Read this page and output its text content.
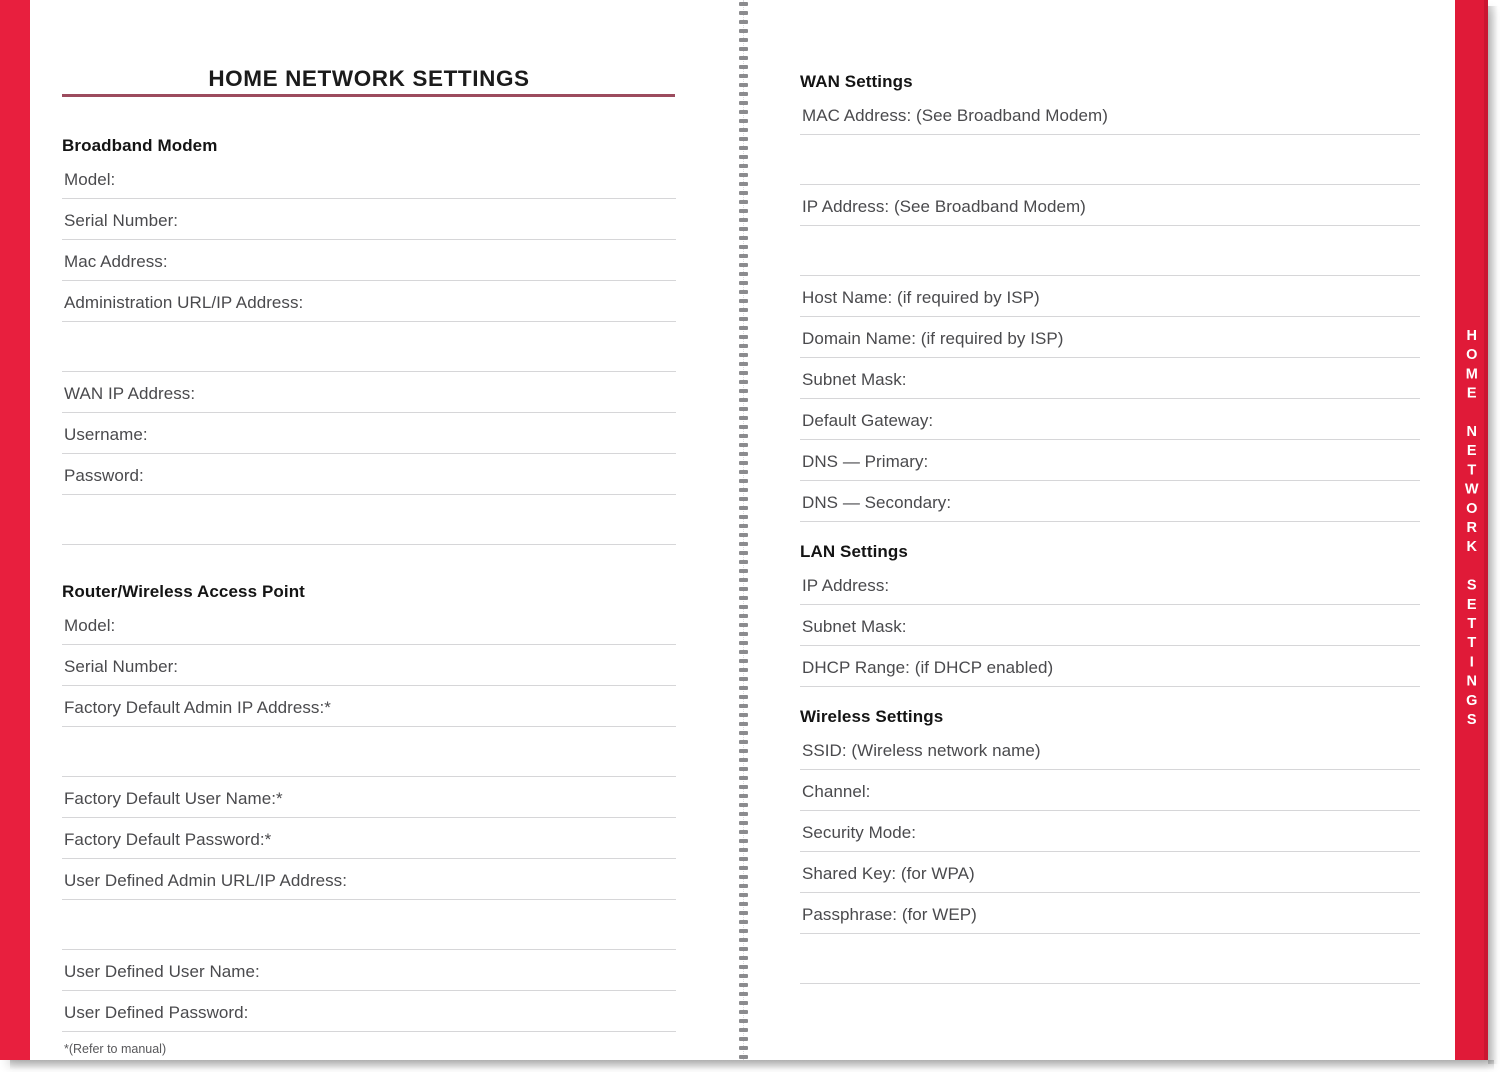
HOME NETWORK SETTINGS
HOME NETWORK SETTINGS
Broadband Modem
Model:
Serial Number:
Mac Address:
Administration URL/IP Address:
WAN IP Address:
Username:
Password:
Router/Wireless Access Point
Model:
Serial Number:
Factory Default Admin IP Address:*
Factory Default User Name:*
Factory Default Password:*
User Defined Admin URL/IP Address:
User Defined User Name:
User Defined Password:
*(Refer to manual)
WAN Settings
MAC Address: (See Broadband Modem)
IP Address: (See Broadband Modem)
Host Name: (if required by ISP)
Domain Name: (if required by ISP)
Subnet Mask:
Default Gateway:
DNS — Primary:
DNS — Secondary:
LAN Settings
IP Address:
Subnet Mask:
DHCP Range: (if DHCP enabled)
Wireless Settings
SSID: (Wireless network name)
Channel:
Security Mode:
Shared Key: (for WPA)
Passphrase: (for WEP)
